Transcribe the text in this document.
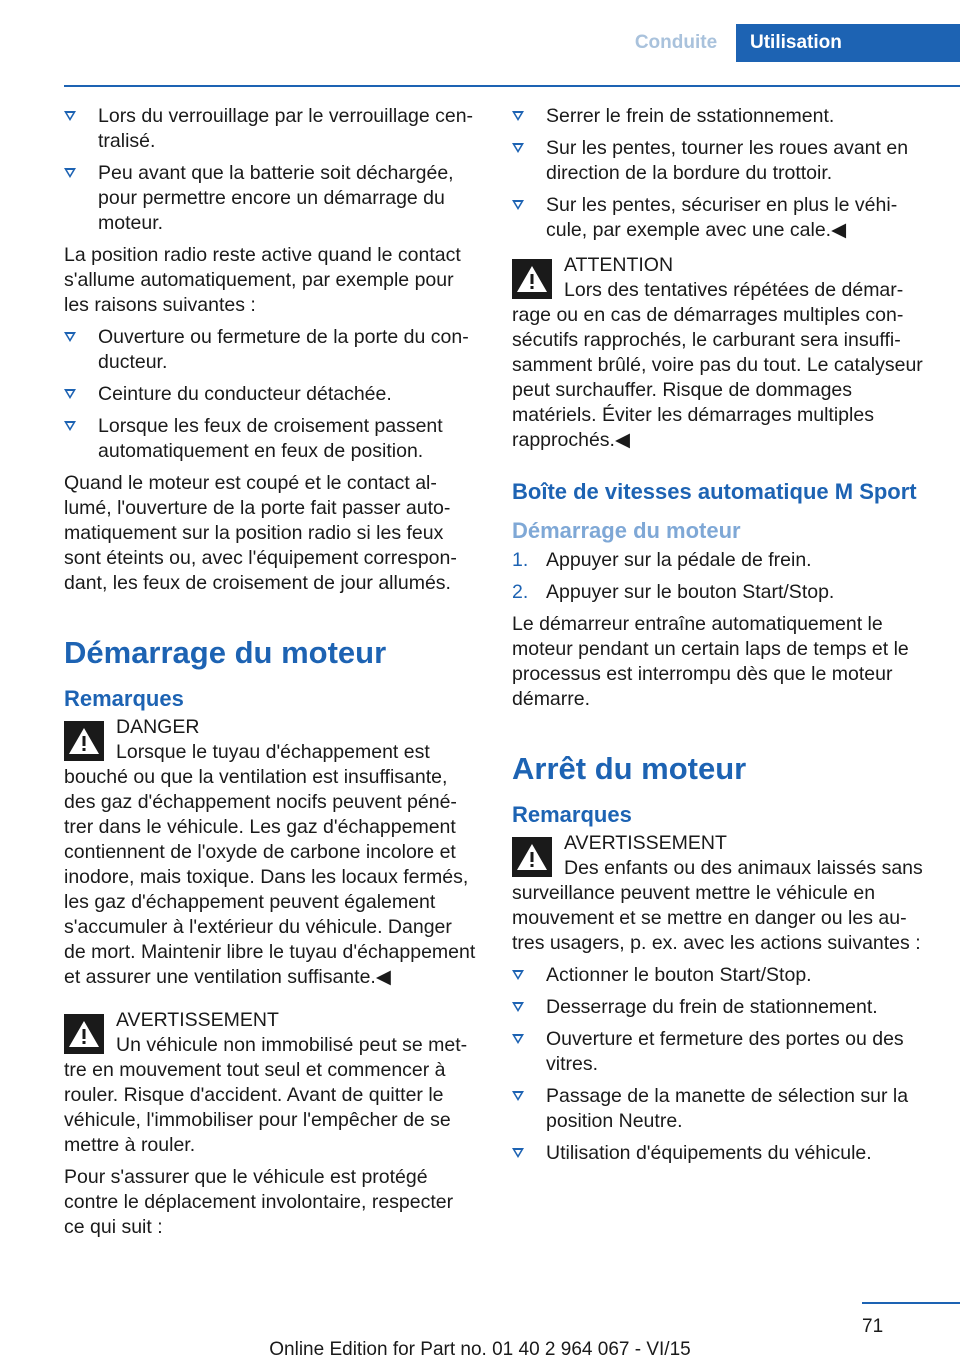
Conduite Utilisation
Lors du verrouillage par le verrouillage centralisé.
Peu avant que la batterie soit déchargée, pour permettre encore un démarrage du moteur.

La position radio reste active quand le contact s'allume automatiquement, par exemple pour les raisons suivantes :

Ouverture ou fermeture de la porte du conducteur.
Ceinture du conducteur détachée.
Lorsque les feux de croisement passent automatiquement en feux de position.

Quand le moteur est coupé et le contact allumé, l'ouverture de la porte fait passer automatiquement sur la position radio si les feux sont éteints ou, avec l'équipement correspondant, les feux de croisement de jour allumés.

Démarrage du moteur
Remarques
DANGER
Lorsque le tuyau d'échappement est bouché ou que la ventilation est insuffisante, des gaz d'échappement nocifs peuvent pénétrer dans le véhicule. Les gaz d'échappement contiennent de l'oxyde de carbone incolore et inodore, mais toxique. Dans les locaux fermés, les gaz d'échappement peuvent également s'accumuler à l'extérieur du véhicule. Danger de mort. Maintenir libre le tuyau d'échappement et assurer une ventilation suffisante.◀
AVERTISSEMENT
Un véhicule non immobilisé peut se mettre en mouvement tout seul et commencer à rouler. Risque d'accident. Avant de quitter le véhicule, l'immobiliser pour l'empêcher de se mettre à rouler.

Pour s'assurer que le véhicule est protégé contre le déplacement involontaire, respecter ce qui suit :

Serrer le frein de sstationnement.
Sur les pentes, tourner les roues avant en direction de la bordure du trottoir.
Sur les pentes, sécuriser en plus le véhicule, par exemple avec une cale.◀
ATTENTION
Lors des tentatives répétées de démarrage ou en cas de démarrages multiples consécutifs rapprochés, le carburant sera insuffisamment brûlé, voire pas du tout. Le catalyseur peut surchauffer. Risque de dommages matériels. Éviter les démarrages multiples rapprochés.◀
Boîte de vitesses automatique M Sport
Démarrage du moteur
1. Appuyer sur la pédale de frein.
2. Appuyer sur le bouton Start/Stop.

Le démarreur entraîne automatiquement le moteur pendant un certain laps de temps et le processus est interrompu dès que le moteur démarre.

Arrêt du moteur
Remarques
AVERTISSEMENT
Des enfants ou des animaux laissés sans surveillance peuvent mettre le véhicule en mouvement et se mettre en danger ou les autres usagers, p. ex. avec les actions suivantes :
Actionner le bouton Start/Stop.
Desserrage du frein de stationnement.
Ouverture et fermeture des portes ou des vitres.
Passage de la manette de sélection sur la position Neutre.
Utilisation d'équipements du véhicule.
71
Online Edition for Part no. 01 40 2 964 067 - VI/15
